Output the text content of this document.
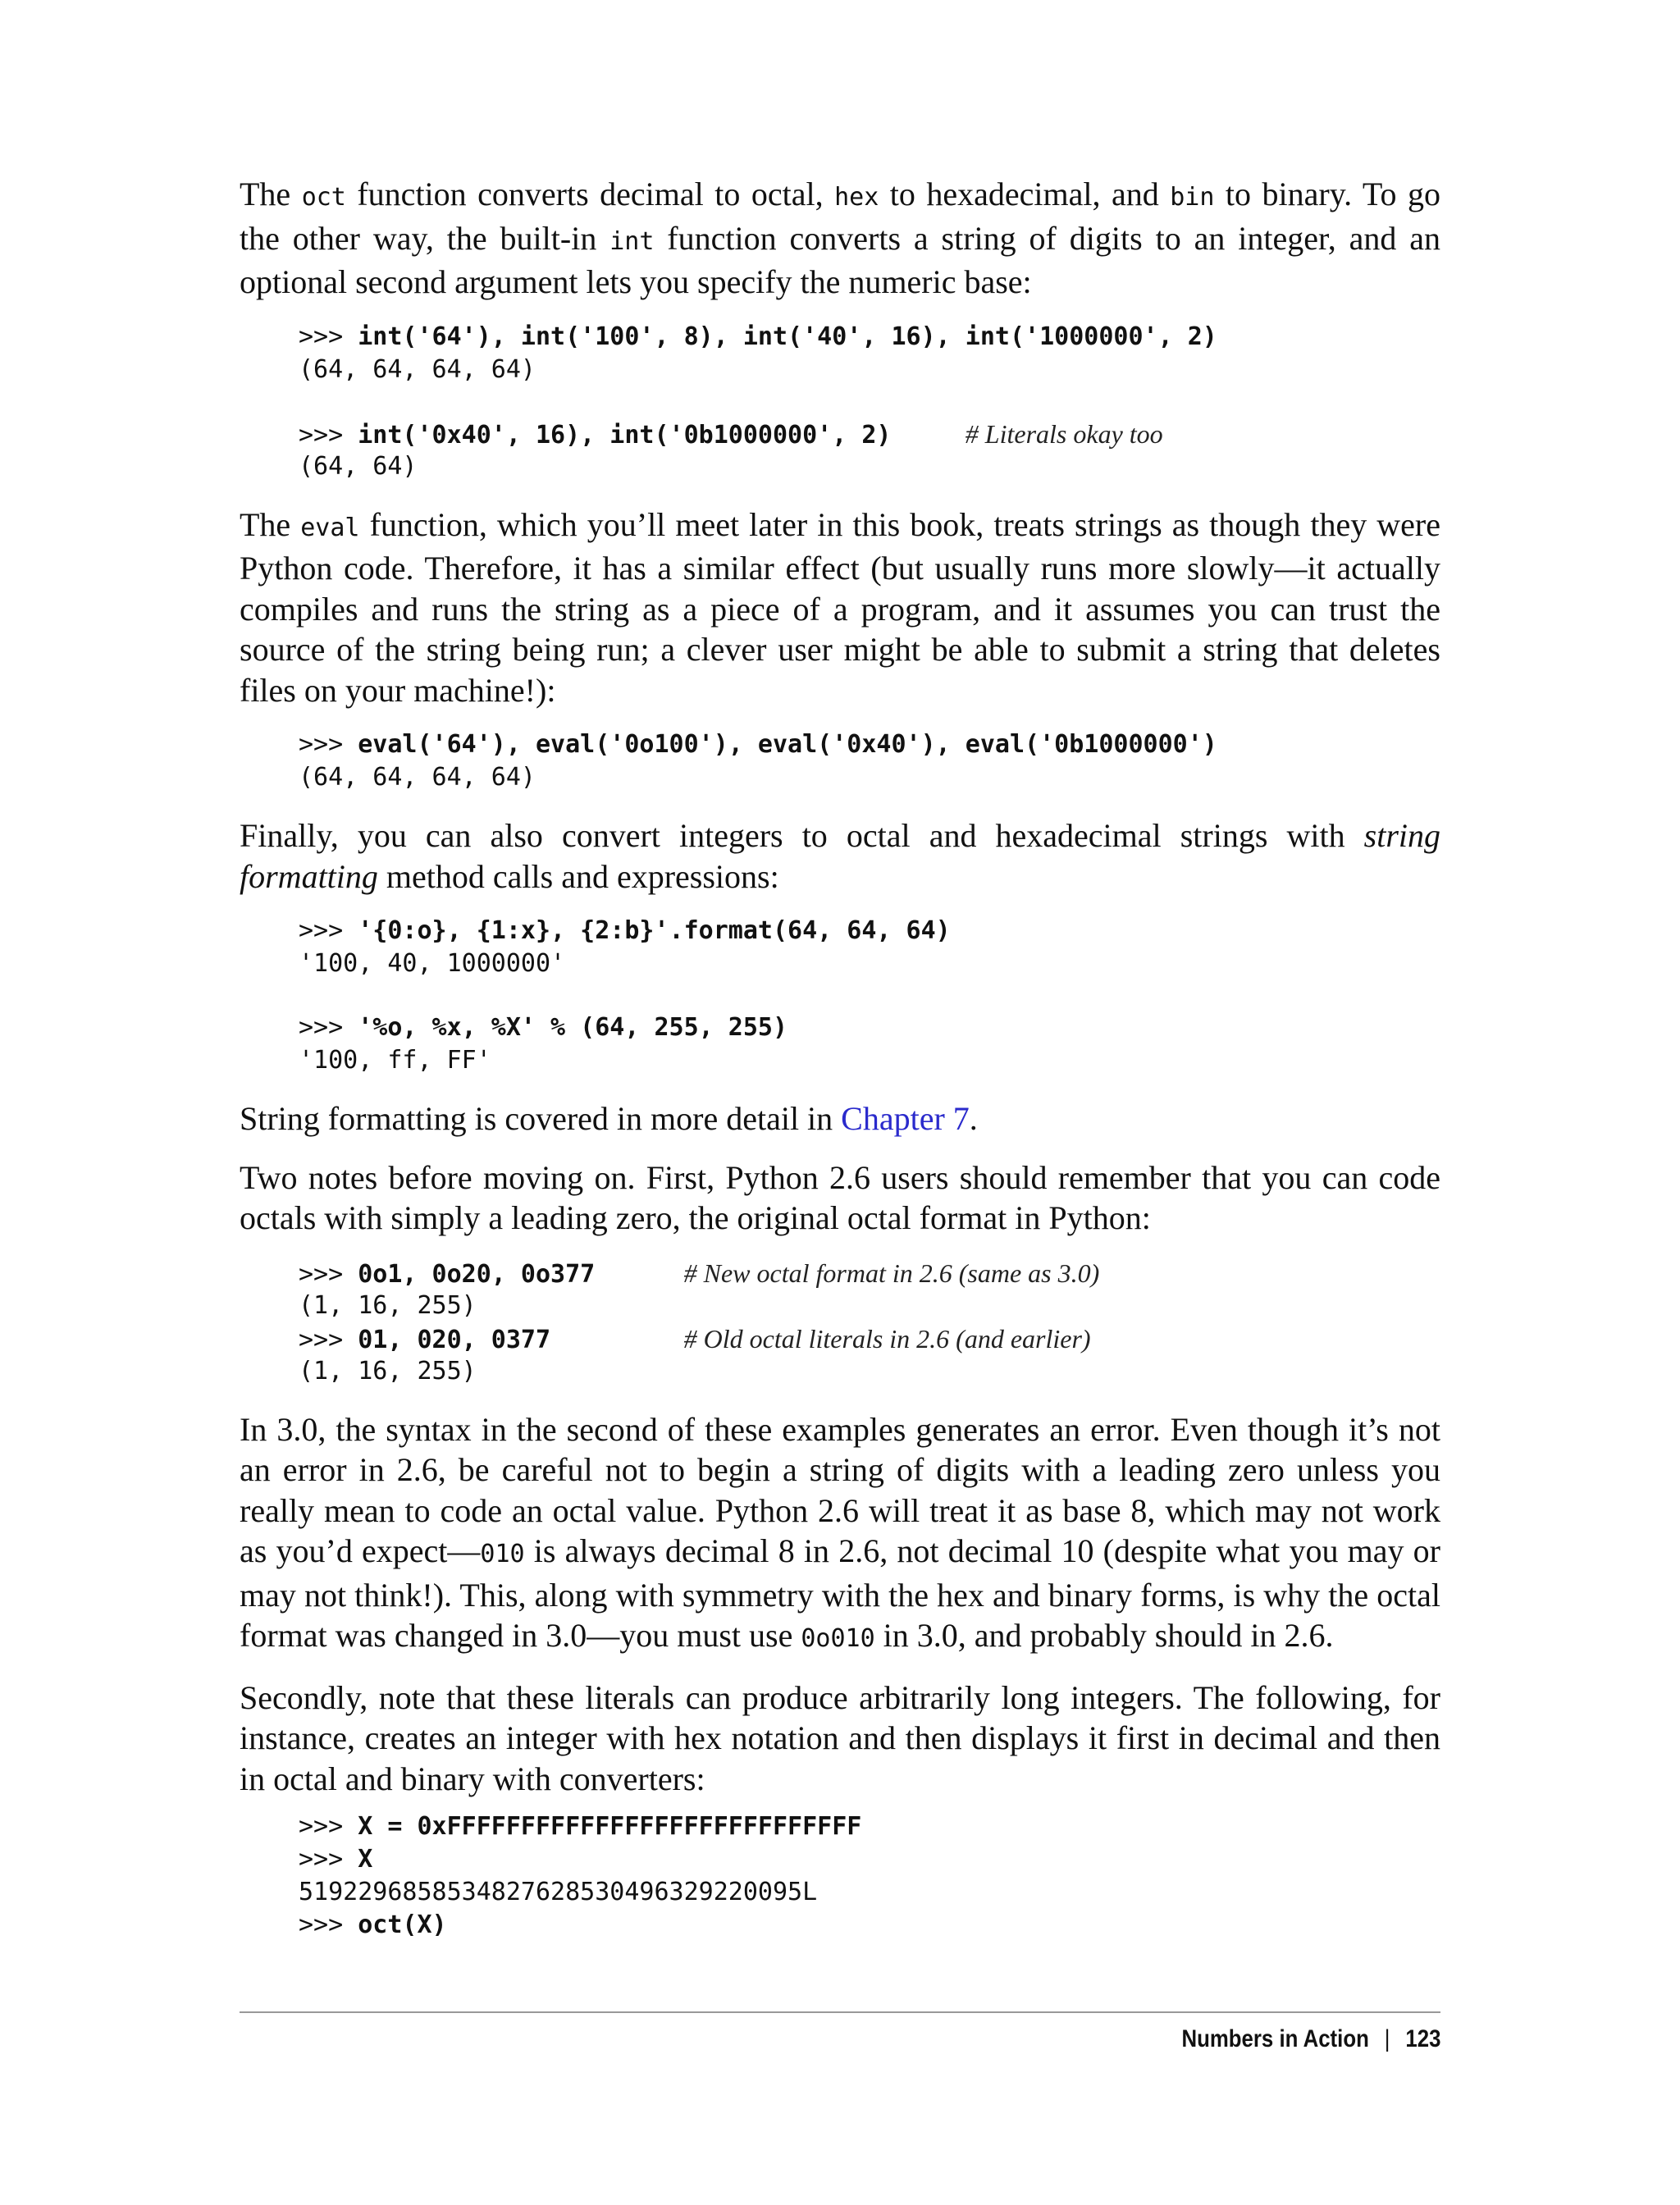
The oct function converts decimal to octal, hex to hexadecimal, and bin to binary. To go the other way, the built-in int function converts a string of digits to an integer, and an optional second argument lets you specify the numeric base:

>>> int('64'), int('100', 8), int('40', 16), int('1000000', 2)
(64, 64, 64, 64)
>>> int('0x40', 16), int('0b1000000', 2)	# Literals okay too
(64, 64)

The eval function, which you’ll meet later in this book, treats strings as though they were Python code. Therefore, it has a similar effect (but usually runs more slowly—it actually compiles and runs the string as a piece of a program, and it assumes you can trust the source of the string being run; a clever user might be able to submit a string that deletes files on your machine!):

>>> eval('64'), eval('0o100'), eval('0x40'), eval('0b1000000')
(64, 64, 64, 64)

Finally, you can also convert integers to octal and hexadecimal strings with string formatting method calls and expressions:

>>> '{0:o}, {1:x}, {2:b}'.format(64, 64, 64)
'100, 40, 1000000'
>>> '%o, %x, %X' % (64, 255, 255)
'100, ff, FF'

String formatting is covered in more detail in Chapter 7.

Two notes before moving on. First, Python 2.6 users should remember that you can code octals with simply a leading zero, the original octal format in Python:

>>> 0o1, 0o20, 0o377	# New octal format in 2.6 (same as 3.0)
(1, 16, 255)
>>> 01, 020, 0377	# Old octal literals in 2.6 (and earlier)
(1, 16, 255)

In 3.0, the syntax in the second of these examples generates an error. Even though it’s not an error in 2.6, be careful not to begin a string of digits with a leading zero unless you really mean to code an octal value. Python 2.6 will treat it as base 8, which may not work as you’d expect—010 is always decimal 8 in 2.6, not decimal 10 (despite what you may or may not think!). This, along with symmetry with the hex and binary forms, is why the octal format was changed in 3.0—you must use 0o010 in 3.0, and probably should in 2.6.

Secondly, note that these literals can produce arbitrarily long integers. The following, for instance, creates an integer with hex notation and then displays it first in decimal and then in octal and binary with converters:

>>> X = 0xFFFFFFFFFFFFFFFFFFFFFFFFFFFF
>>> X
5192296858534827628530496329220095L
>>> oct(X)
Numbers in Action | 123
